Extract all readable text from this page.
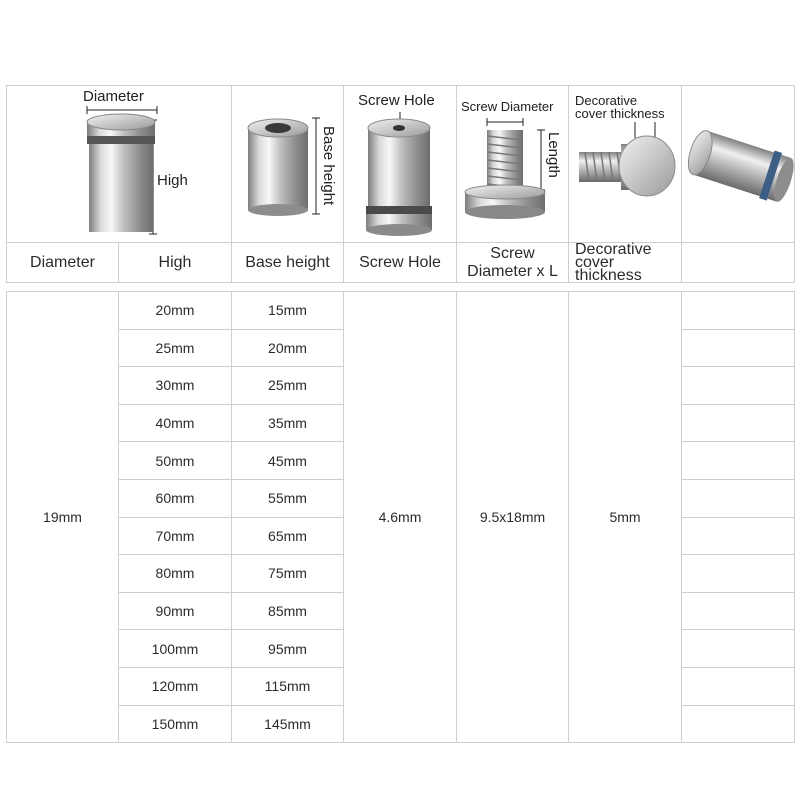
Diameter
High		Base height	Screw Hole	Screw Diameter
Length	Decorative
cover thickness

Diameter	High	Base height	Screw Hole	Screw Diameter x L	Decorative
cover thickness	

19mm	20mm	15mm	4.6mm	9.5x18mm	5mm	
	25mm	20mm				
	30mm	25mm				
	40mm	35mm				
	50mm	45mm				
	60mm	55mm				
	70mm	65mm				
	80mm	75mm				
	90mm	85mm				
	100mm	95mm				
	120mm	115mm				
	150mm	145mm				
